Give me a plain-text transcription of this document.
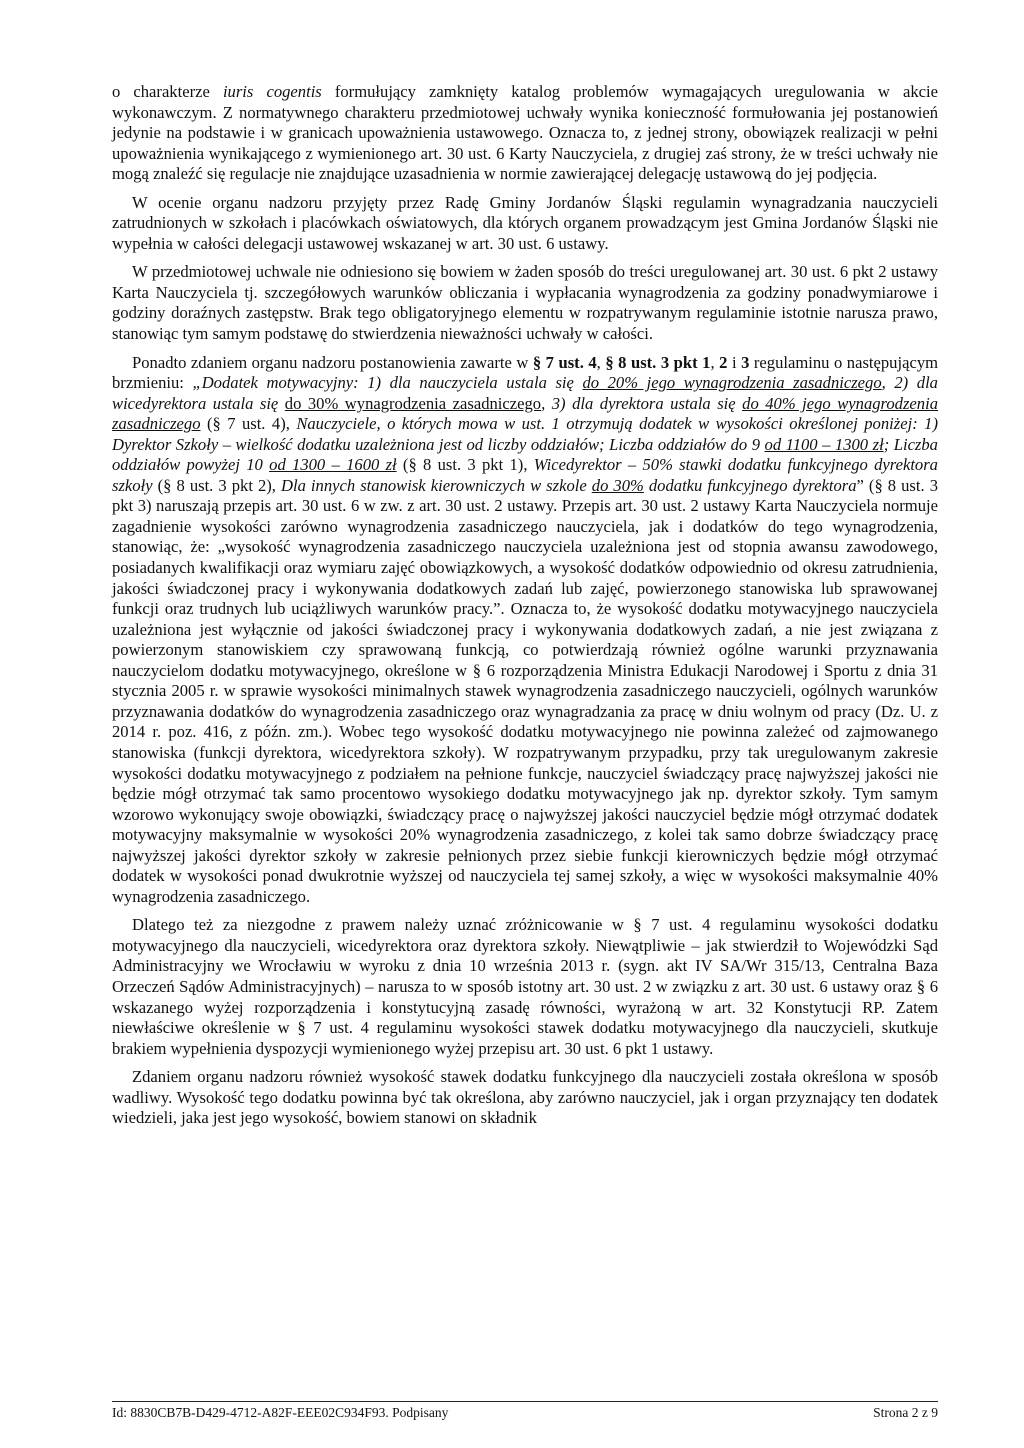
o charakterze iuris cogentis formułujący zamknięty katalog problemów wymagających uregulowania w akcie wykonawczym. Z normatywnego charakteru przedmiotowej uchwały wynika konieczność formułowania jej postanowień jedynie na podstawie i w granicach upoważnienia ustawowego. Oznacza to, z jednej strony, obowiązek realizacji w pełni upoważnienia wynikającego z wymienionego art. 30 ust. 6 Karty Nauczyciela, z drugiej zaś strony, że w treści uchwały nie mogą znaleźć się regulacje nie znajdujące uzasadnienia w normie zawierającej delegację ustawową do jej podjęcia.

W ocenie organu nadzoru przyjęty przez Radę Gminy Jordanów Śląski regulamin wynagradzania nauczycieli zatrudnionych w szkołach i placówkach oświatowych, dla których organem prowadzącym jest Gmina Jordanów Śląski nie wypełnia w całości delegacji ustawowej wskazanej w art. 30 ust. 6 ustawy.

W przedmiotowej uchwale nie odniesiono się bowiem w żaden sposób do treści uregulowanej art. 30 ust. 6 pkt 2 ustawy Karta Nauczyciela tj. szczegółowych warunków obliczania i wypłacania wynagrodzenia za godziny ponadwymiarowe i godziny doraźnych zastępstw. Brak tego obligatoryjnego elementu w rozpatrywanym regulaminie istotnie narusza prawo, stanowiąc tym samym podstawę do stwierdzenia nieważności uchwały w całości.

Ponadto zdaniem organu nadzoru postanowienia zawarte w § 7 ust. 4, § 8 ust. 3 pkt 1, 2 i 3 regulaminu o następującym brzmieniu: „Dodatek motywacyjny: 1) dla nauczyciela ustala się do 20% jego wynagrodzenia zasadniczego, 2) dla wicedyrektora ustala się do 30% wynagrodzenia zasadniczego, 3) dla dyrektora ustala się do 40% jego wynagrodzenia zasadniczego (§ 7 ust. 4), Nauczyciele, o których mowa w ust. 1 otrzymują dodatek w wysokości określonej poniżej: 1) Dyrektor Szkoły – wielkość dodatku uzależniona jest od liczby oddziałów; Liczba oddziałów do 9 od 1100 – 1300 zł; Liczba oddziałów powyżej 10 od 1300 – 1600 zł (§ 8 ust. 3 pkt 1), Wicedyrektor – 50% stawki dodatku funkcyjnego dyrektora szkoły (§ 8 ust. 3 pkt 2), Dla innych stanowisk kierowniczych w szkole do 30% dodatku funkcyjnego dyrektora” (§ 8 ust. 3 pkt 3) naruszają przepis art. 30 ust. 6 w zw. z art. 30 ust. 2 ustawy. Przepis art. 30 ust. 2 ustawy Karta Nauczyciela normuje zagadnienie wysokości zarówno wynagrodzenia zasadniczego nauczyciela, jak i dodatków do tego wynagrodzenia, stanowiąc, że: „wysokość wynagrodzenia zasadniczego nauczyciela uzależniona jest od stopnia awansu zawodowego, posiadanych kwalifikacji oraz wymiaru zajęć obowiązkowych, a wysokość dodatków odpowiednio od okresu zatrudnienia, jakości świadczonej pracy i wykonywania dodatkowych zadań lub zajęć, powierzonego stanowiska lub sprawowanej funkcji oraz trudnych lub uciążliwych warunków pracy.”. Oznacza to, że wysokość dodatku motywacyjnego nauczyciela uzależniona jest wyłącznie od jakości świadczonej pracy i wykonywania dodatkowych zadań, a nie jest związana z powierzonym stanowiskiem czy sprawowaną funkcją, co potwierdzają również ogólne warunki przyznawania nauczycielom dodatku motywacyjnego, określone w § 6 rozporządzenia Ministra Edukacji Narodowej i Sportu z dnia 31 stycznia 2005 r. w sprawie wysokości minimalnych stawek wynagrodzenia zasadniczego nauczycieli, ogólnych warunków przyznawania dodatków do wynagrodzenia zasadniczego oraz wynagradzania za pracę w dniu wolnym od pracy (Dz. U. z 2014 r. poz. 416, z późn. zm.). Wobec tego wysokość dodatku motywacyjnego nie powinna zależeć od zajmowanego stanowiska (funkcji dyrektora, wicedyrektora szkoły). W rozpatrywanym przypadku, przy tak uregulowanym zakresie wysokości dodatku motywacyjnego z podziałem na pełnione funkcje, nauczyciel świadczący pracę najwyższej jakości nie będzie mógł otrzymać tak samo procentowo wysokiego dodatku motywacyjnego jak np. dyrektor szkoły. Tym samym wzorowo wykonujący swoje obowiązki, świadczący pracę o najwyższej jakości nauczyciel będzie mógł otrzymać dodatek motywacyjny maksymalnie w wysokości 20% wynagrodzenia zasadniczego, z kolei tak samo dobrze świadczący pracę najwyższej jakości dyrektor szkoły w zakresie pełnionych przez siebie funkcji kierowniczych będzie mógł otrzymać dodatek w wysokości ponad dwukrotnie wyższej od nauczyciela tej samej szkoły, a więc w wysokości maksymalnie 40% wynagrodzenia zasadniczego.

Dlatego też za niezgodne z prawem należy uznać zróżnicowanie w § 7 ust. 4 regulaminu wysokości dodatku motywacyjnego dla nauczycieli, wicedyrektora oraz dyrektora szkoły. Niewątpliwie – jak stwierdził to Wojewódzki Sąd Administracyjny we Wrocławiu w wyroku z dnia 10 września 2013 r. (sygn. akt IV SA/Wr 315/13, Centralna Baza Orzeczeń Sądów Administracyjnych) – narusza to w sposób istotny art. 30 ust. 2 w związku z art. 30 ust. 6 ustawy oraz § 6 wskazanego wyżej rozporządzenia i konstytucyjną zasadę równości, wyrażoną w art. 32 Konstytucji RP. Zatem niewłaściwe określenie w § 7 ust. 4 regulaminu wysokości stawek dodatku motywacyjnego dla nauczycieli, skutkuje brakiem wypełnienia dyspozycji wymienionego wyżej przepisu art. 30 ust. 6 pkt 1 ustawy.

Zdaniem organu nadzoru również wysokość stawek dodatku funkcyjnego dla nauczycieli została określona w sposób wadliwy. Wysokość tego dodatku powinna być tak określona, aby zarówno nauczyciel, jak i organ przyznający ten dodatek wiedzieli, jaka jest jego wysokość, bowiem stanowi on składnik

Id: 8830CB7B-D429-4712-A82F-EEE02C934F93. Podpisany	Strona 2 z 9
